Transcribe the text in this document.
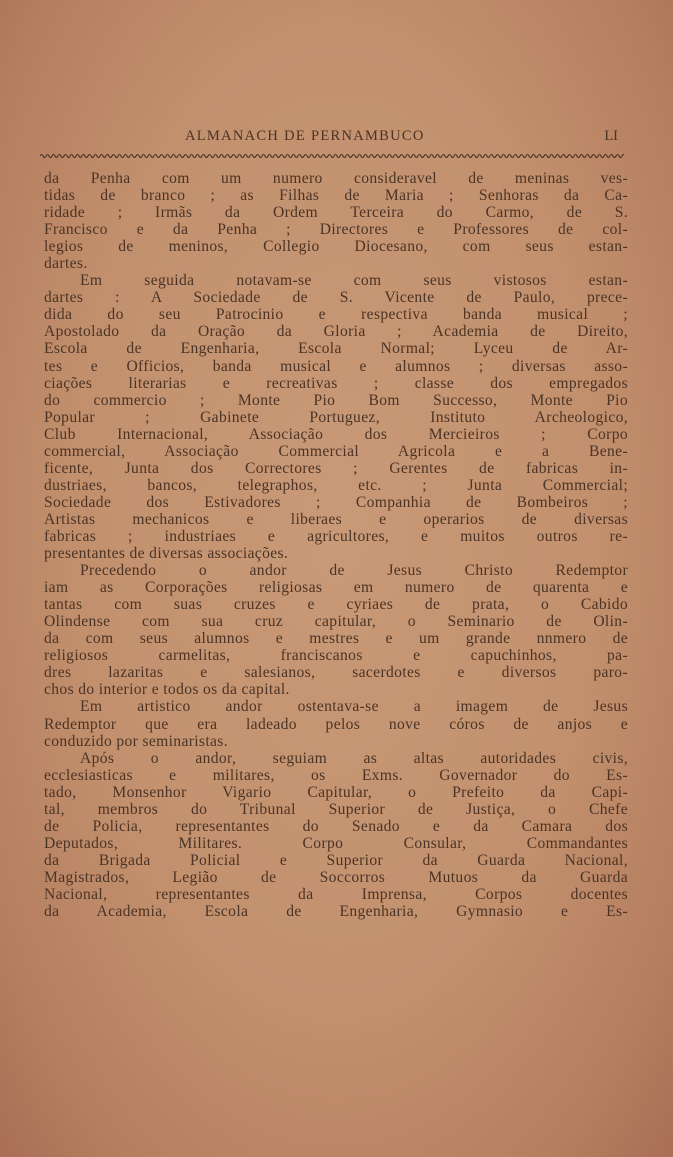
ALMANACH DE PERNAMBUCO	LI
da Penha com um numero consideravel de meninas ves-
tidas de branco ; as Filhas de Maria ; Senhoras da Ca-
ridade ; Irmãs da Ordem Terceira do Carmo, de S.
Francisco e da Penha ; Directores e Professores de col-
legios de meninos, Collegio Diocesano, com seus estan-
dartes.
Em seguida notavam-se com seus vistosos estan-
dartes : A Sociedade de S. Vicente de Paulo, prece-
dida do seu Patrocinio e respectiva banda musical ;
Apostolado da Oração da Gloria ; Academia de Direito,
Escola de Engenharia, Escola Normal; Lyceu de Ar-
tes e Officios, banda musical e alumnos ; diversas asso-
ciações literarias e recreativas ; classe dos empregados
do commercio ; Monte Pio Bom Successo, Monte Pio
Popular ; Gabinete Portuguez, Instituto Archeologico,
Club Internacional, Associação dos Mercieiros ; Corpo
commercial, Associação Commercial Agricola e a Bene-
ficente, Junta dos Correctores ; Gerentes de fabricas in-
dustriaes, bancos, telegraphos, etc. ; Junta Commercial;
Sociedade dos Estivadores ; Companhia de Bombeiros ;
Artistas mechanicos e liberaes e operarios de diversas
fabricas ; industriaes e agricultores, e muitos outros re-
presentantes de diversas associações.
Precedendo o andor de Jesus Christo Redemptor
iam as Corporações religiosas em numero de quarenta e
tantas com suas cruzes e cyriaes de prata, o Cabido
Olindense com sua cruz capitular, o Seminario de Olin-
da com seus alumnos e mestres e um grande nnmero de
religiosos carmelitas, franciscanos e capuchinhos, pa-
dres lazaritas e salesianos, sacerdotes e diversos paro-
chos do interior e todos os da capital.
Em artistico andor ostentava-se a imagem de Jesus
Redemptor que era ladeado pelos nove córos de anjos e
conduzido por seminaristas.
Após o andor, seguiam as altas autoridades civis,
ecclesiasticas e militares, os Exms. Governador do Es-
tado, Monsenhor Vigario Capitular, o Prefeito da Capi-
tal, membros do Tribunal Superior de Justiça, o Chefe
de Policia, representantes do Senado e da Camara dos
Deputados, Militares. Corpo Consular, Commandantes
da Brigada Policial e Superior da Guarda Nacional,
Magistrados, Legião de Soccorros Mutuos da Guarda
Nacional, representantes da Imprensa, Corpos docentes
da Academia, Escola de Engenharia, Gymnasio e Es-
